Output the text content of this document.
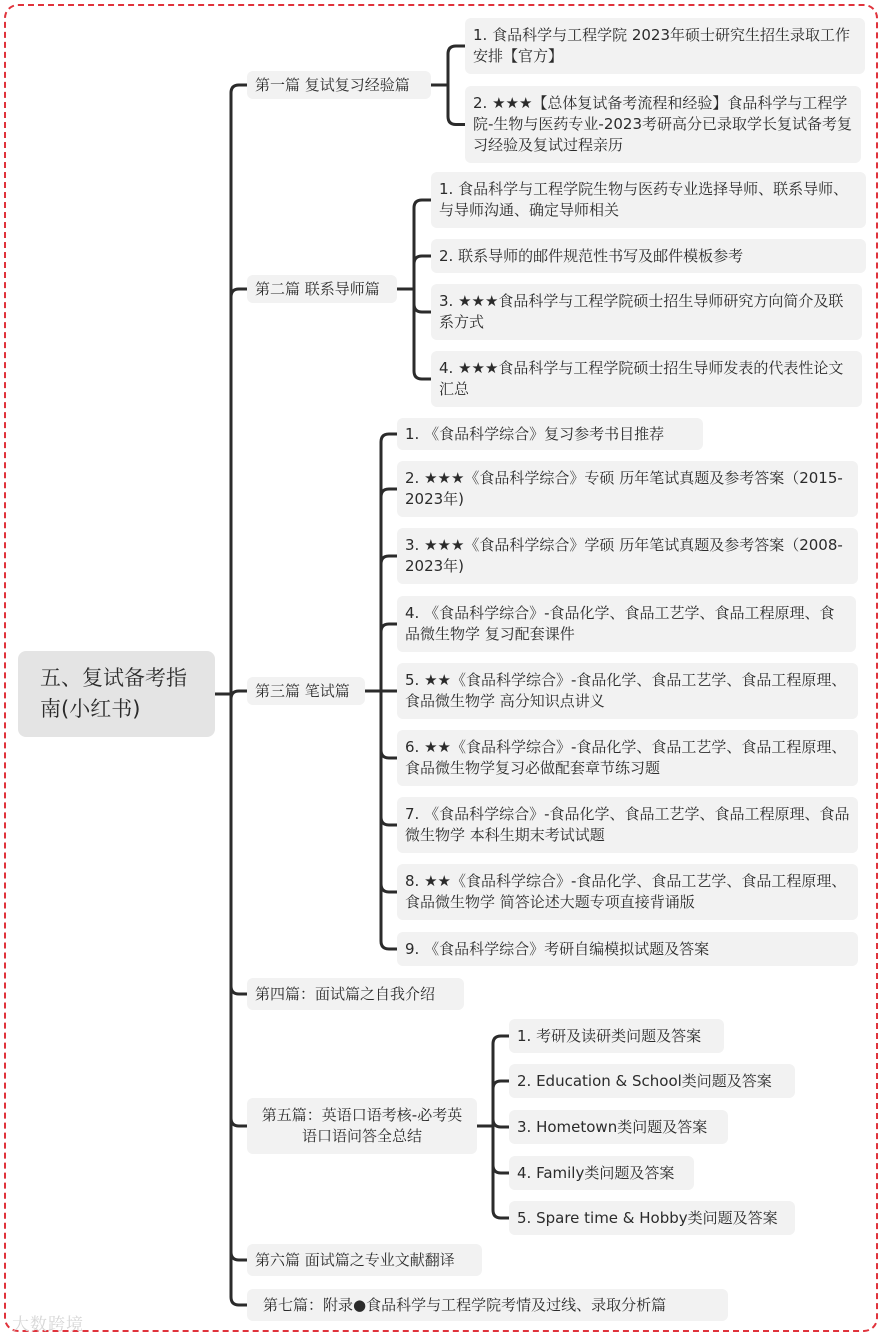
五、复试备考指南(小红书)
第一篇 复试复习经验篇
1. 食品科学与工程学院 2023年硕士研究生招生录取工作安排【官方】
2. ★★★【总体复试备考流程和经验】食品科学与工程学院-生物与医药专业-2023考研高分已录取学长复试备考复习经验及复试过程亲历
第二篇 联系导师篇
1. 食品科学与工程学院生物与医药专业选择导师、联系导师、与导师沟通、确定导师相关
2. 联系导师的邮件规范性书写及邮件模板参考
3. ★★★食品科学与工程学院硕士招生导师研究方向简介及联系方式
4. ★★★食品科学与工程学院硕士招生导师发表的代表性论文汇总
第三篇 笔试篇
1. 《食品科学综合》复习参考书目推荐
2. ★★★《食品科学综合》专硕 历年笔试真题及参考答案（2015-2023年)
3. ★★★《食品科学综合》学硕 历年笔试真题及参考答案（2008-2023年)
4. 《食品科学综合》-食品化学、食品工艺学、食品工程原理、食品微生物学 复习配套课件
5. ★★《食品科学综合》-食品化学、食品工艺学、食品工程原理、食品微生物学 高分知识点讲义
6. ★★《食品科学综合》-食品化学、食品工艺学、食品工程原理、食品微生物学复习必做配套章节练习题
7. 《食品科学综合》-食品化学、食品工艺学、食品工程原理、食品微生物学 本科生期末考试试题
8. ★★《食品科学综合》-食品化学、食品工艺学、食品工程原理、食品微生物学 简答论述大题专项直接背诵版
9. 《食品科学综合》考研自编模拟试题及答案
第四篇：面试篇之自我介绍
第五篇：英语口语考核-必考英语口语问答全总结
1. 考研及读研类问题及答案
2. Education & School类问题及答案
3. Hometown类问题及答案
4. Family类问题及答案
5. Spare time & Hobby类问题及答案
第六篇 面试篇之专业文献翻译
第七篇：附录●食品科学与工程学院考情及过线、录取分析篇
大数跨境
